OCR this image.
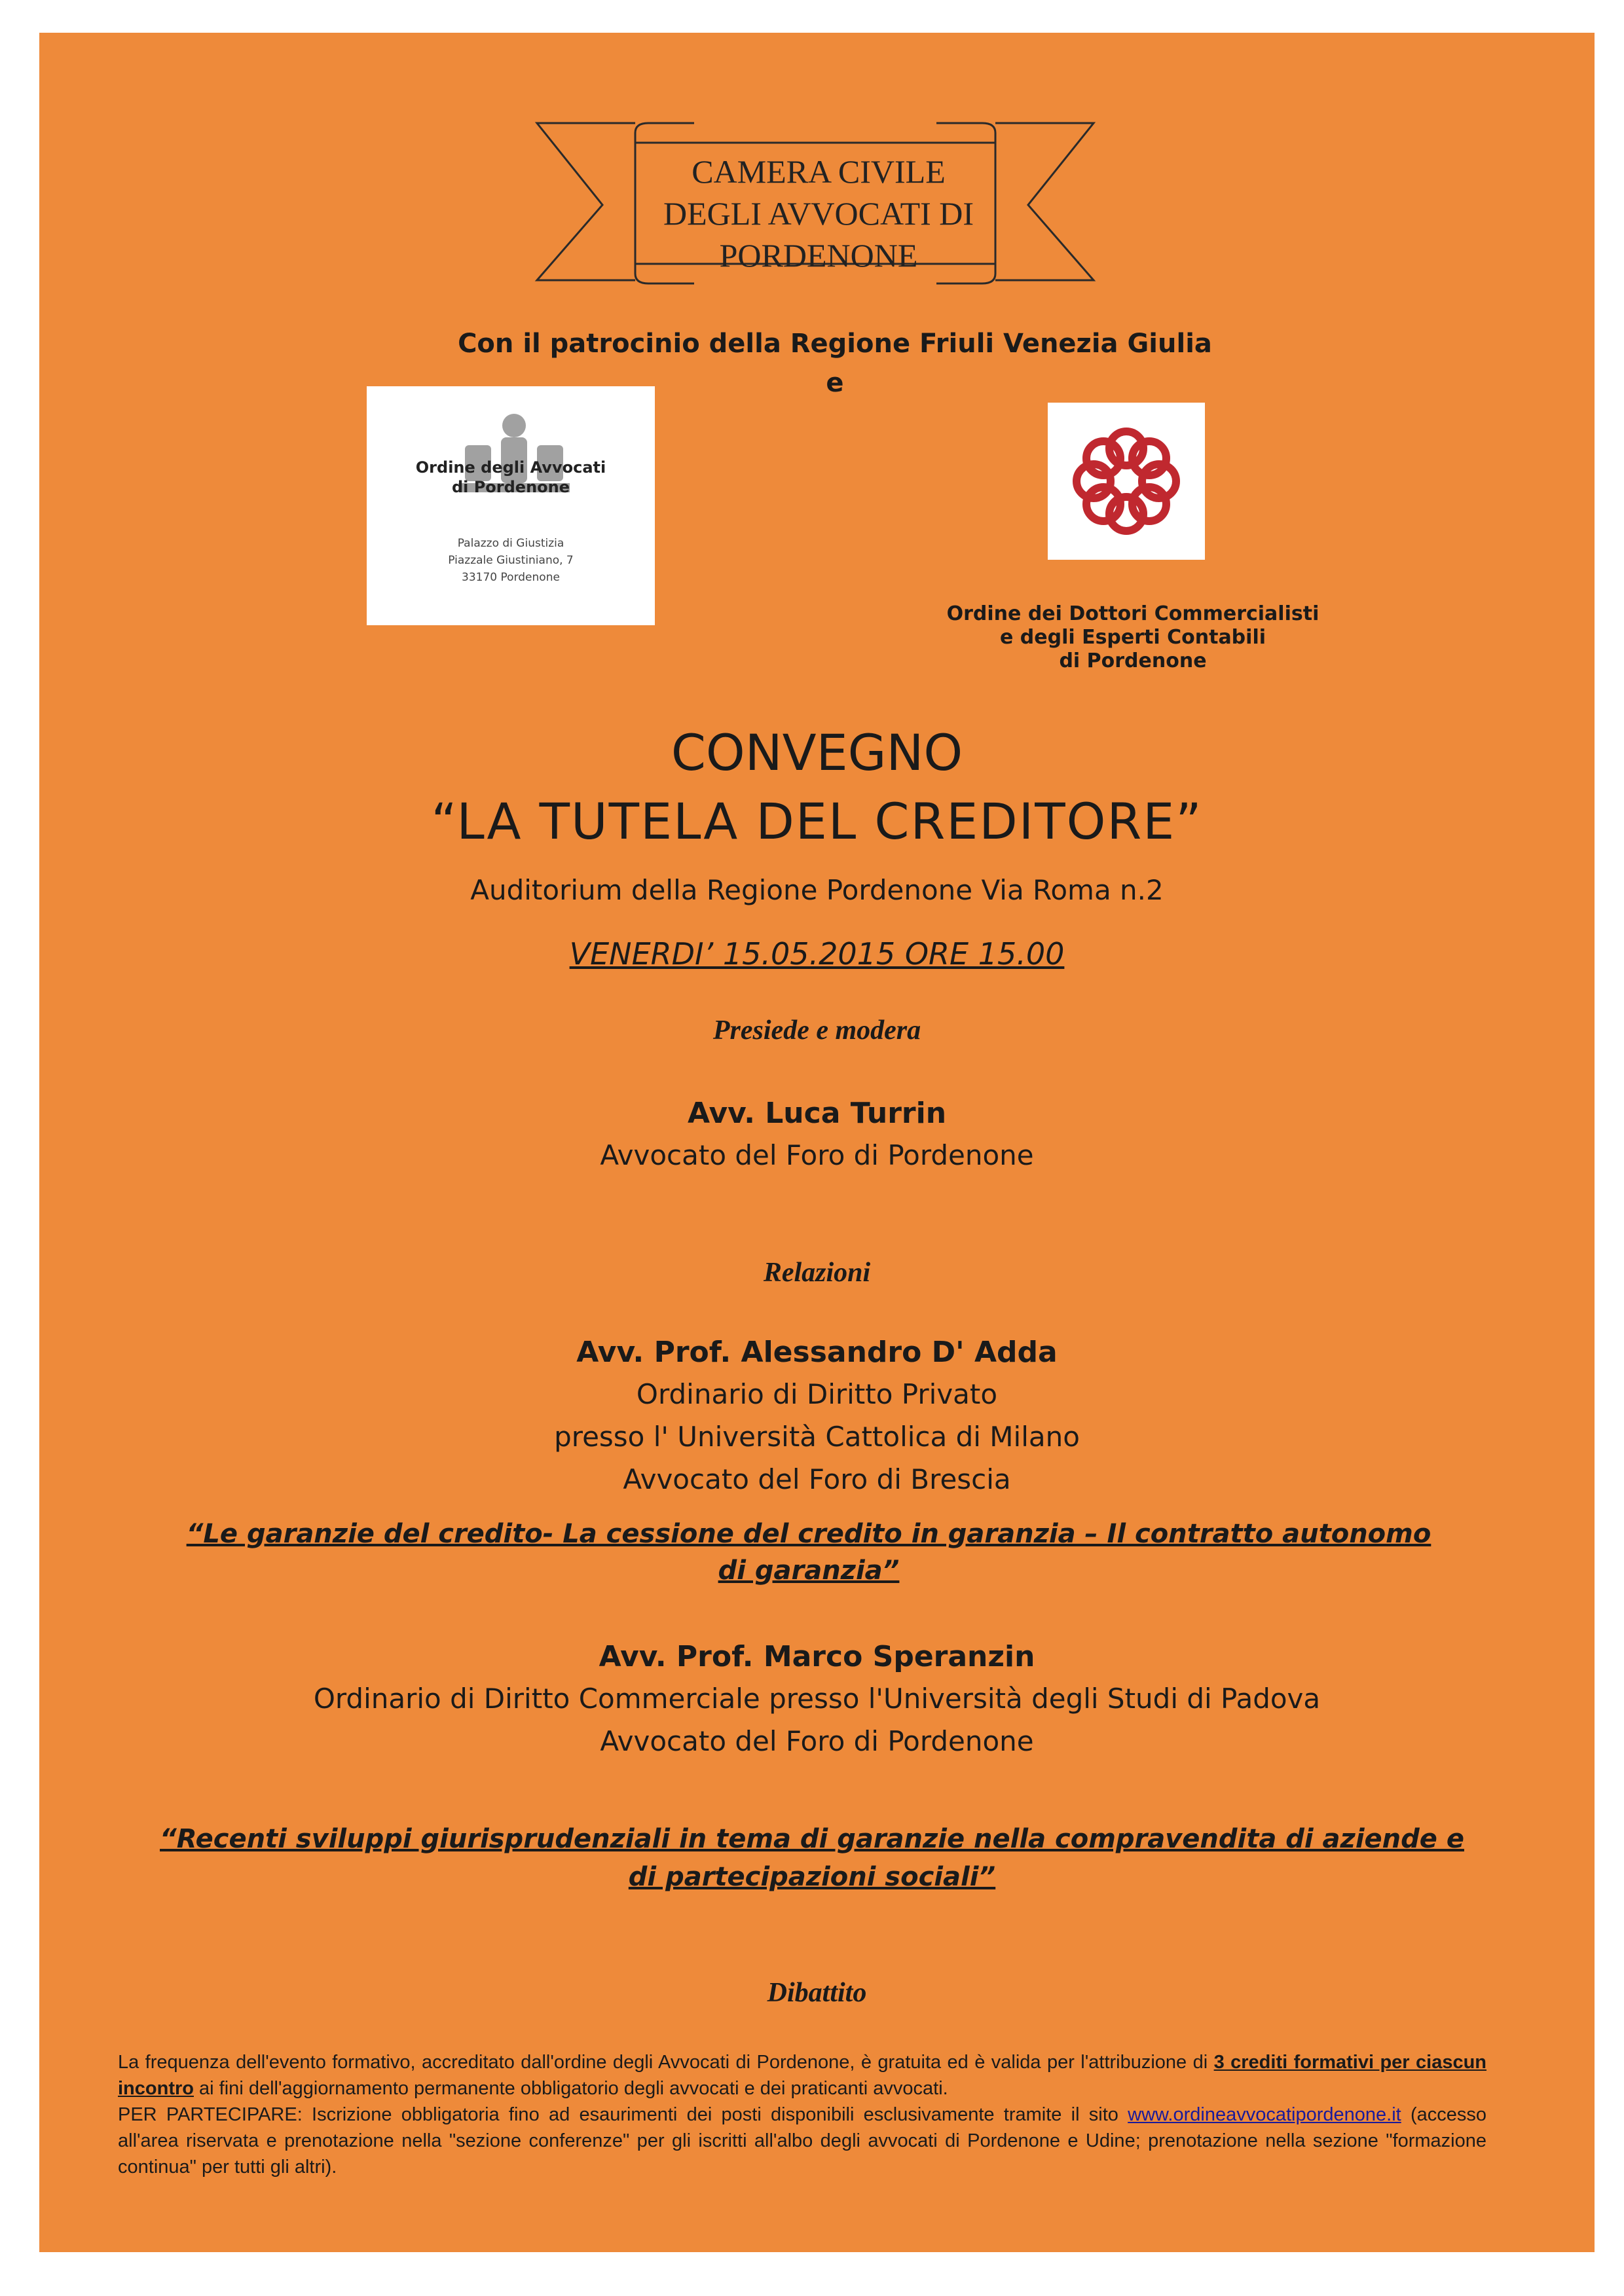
CAMERA CIVILE
DEGLI AVVOCATI DI
PORDENONE
Con il patrocinio della Regione Friuli Venezia Giulia
e
Ordine degli Avvocati
di Pordenone
Palazzo di Giustizia
Piazzale Giustiniano, 7
33170 Pordenone
Ordine dei Dottori Commercialisti
e degli Esperti Contabili
di Pordenone
CONVEGNO
“LA TUTELA DEL CREDITORE”
Auditorium della Regione Pordenone Via Roma n.2
VENERDI’ 15.05.2015 ORE 15.00
Presiede e modera
Avv. Luca Turrin
Avvocato del Foro di Pordenone
Relazioni
Avv. Prof. Alessandro D' Adda
Ordinario di Diritto Privato
presso l' Università Cattolica di Milano
Avvocato del Foro di Brescia
“Le garanzie del credito- La cessione del credito in garanzia – Il contratto autonomo
di garanzia”
Avv. Prof. Marco Speranzin
Ordinario di Diritto Commerciale presso l'Università degli Studi di Padova
Avvocato del Foro di Pordenone
“Recenti sviluppi giurisprudenziali in tema di garanzie nella compravendita di aziende e
di partecipazioni sociali”
Dibattito
La frequenza dell'evento formativo, accreditato dall'ordine degli Avvocati di Pordenone, è gratuita ed è valida per l'attribuzione di 3 crediti formativi per ciascun incontro ai fini dell'aggiornamento permanente obbligatorio degli avvocati e dei praticanti avvocati.
PER PARTECIPARE: Iscrizione obbligatoria fino ad esaurimenti dei posti disponibili esclusivamente tramite il sito www.ordineavvocatipordenone.it (accesso all'area riservata e prenotazione nella "sezione conferenze" per gli iscritti all'albo degli avvocati di Pordenone e Udine; prenotazione nella sezione "formazione continua" per tutti gli altri).
